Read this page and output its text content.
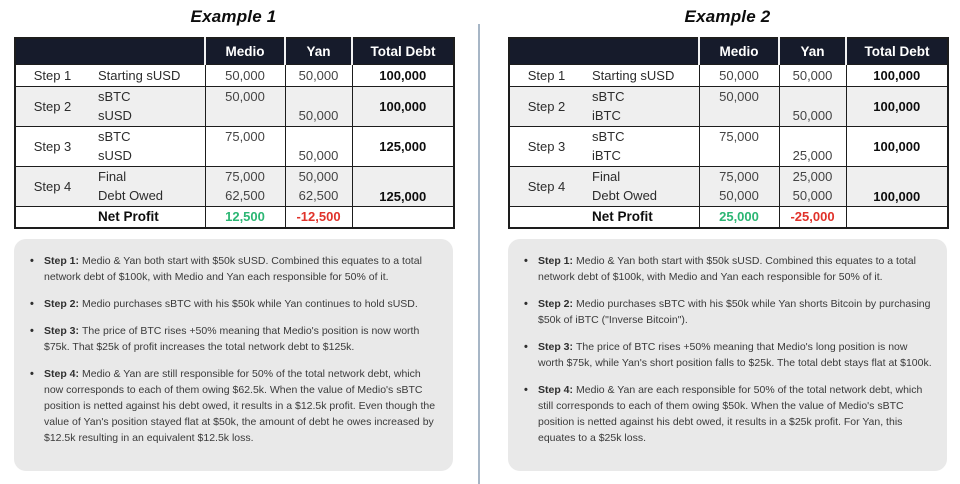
Example 1
		Medio	Yan	Total Debt
Step 1	Starting sUSD	50,000	50,000	100,000
Step 2	sBTC	50,000		100,000
	sUSD		50,000	
Step 3	sBTC	75,000		125,000
	sUSD		50,000	
Step 4	Final	75,000	50,000	125,000
	Debt Owed	62,500	62,500	
	Net Profit	12,500	-12,500	
•

Step 1: Medio & Yan both start with $50k sUSD. Combined this equates to a total network debt of $100k, with Medio and Yan each responsible for 50% of it.

•

Step 2: Medio purchases sBTC with his $50k while Yan continues to hold sUSD.

•

Step 3: The price of BTC rises +50% meaning that Medio's position is now worth $75k. That $25k of profit increases the total network debt to $125k.

•

Step 4: Medio & Yan are still responsible for 50% of the total network debt, which now corresponds to each of them owing $62.5k. When the value of Medio's sBTC position is netted against his debt owed, it results in a $12.5k profit. Even though the value of Yan's position stayed flat at $50k, the amount of debt he owes increased by $12.5k resulting in an equivalent $12.5k loss.

Example 2
		Medio	Yan	Total Debt
Step 1	Starting sUSD	50,000	50,000	100,000
Step 2	sBTC	50,000		100,000
	iBTC		50,000	
Step 3	sBTC	75,000		100,000
	iBTC		25,000	
Step 4	Final	75,000	25,000	100,000
	Debt Owed	50,000	50,000	
	Net Profit	25,000	-25,000	
•

Step 1: Medio & Yan both start with $50k sUSD. Combined this equates to a total network debt of $100k, with Medio and Yan each responsible for 50% of it.

•

Step 2: Medio purchases sBTC with his $50k while Yan shorts Bitcoin by purchasing $50k of iBTC ("Inverse Bitcoin").

•

Step 3: The price of BTC rises +50% meaning that Medio's long position is now worth $75k, while Yan's short position falls to $25k. The total debt stays flat at $100k.

•

Step 4: Medio & Yan are each responsible for 50% of the total network debt, which still corresponds to each of them owing $50k. When the value of Medio's sBTC position is netted against his debt owed, it results in a $25k profit. For Yan, this equates to a $25k loss.
